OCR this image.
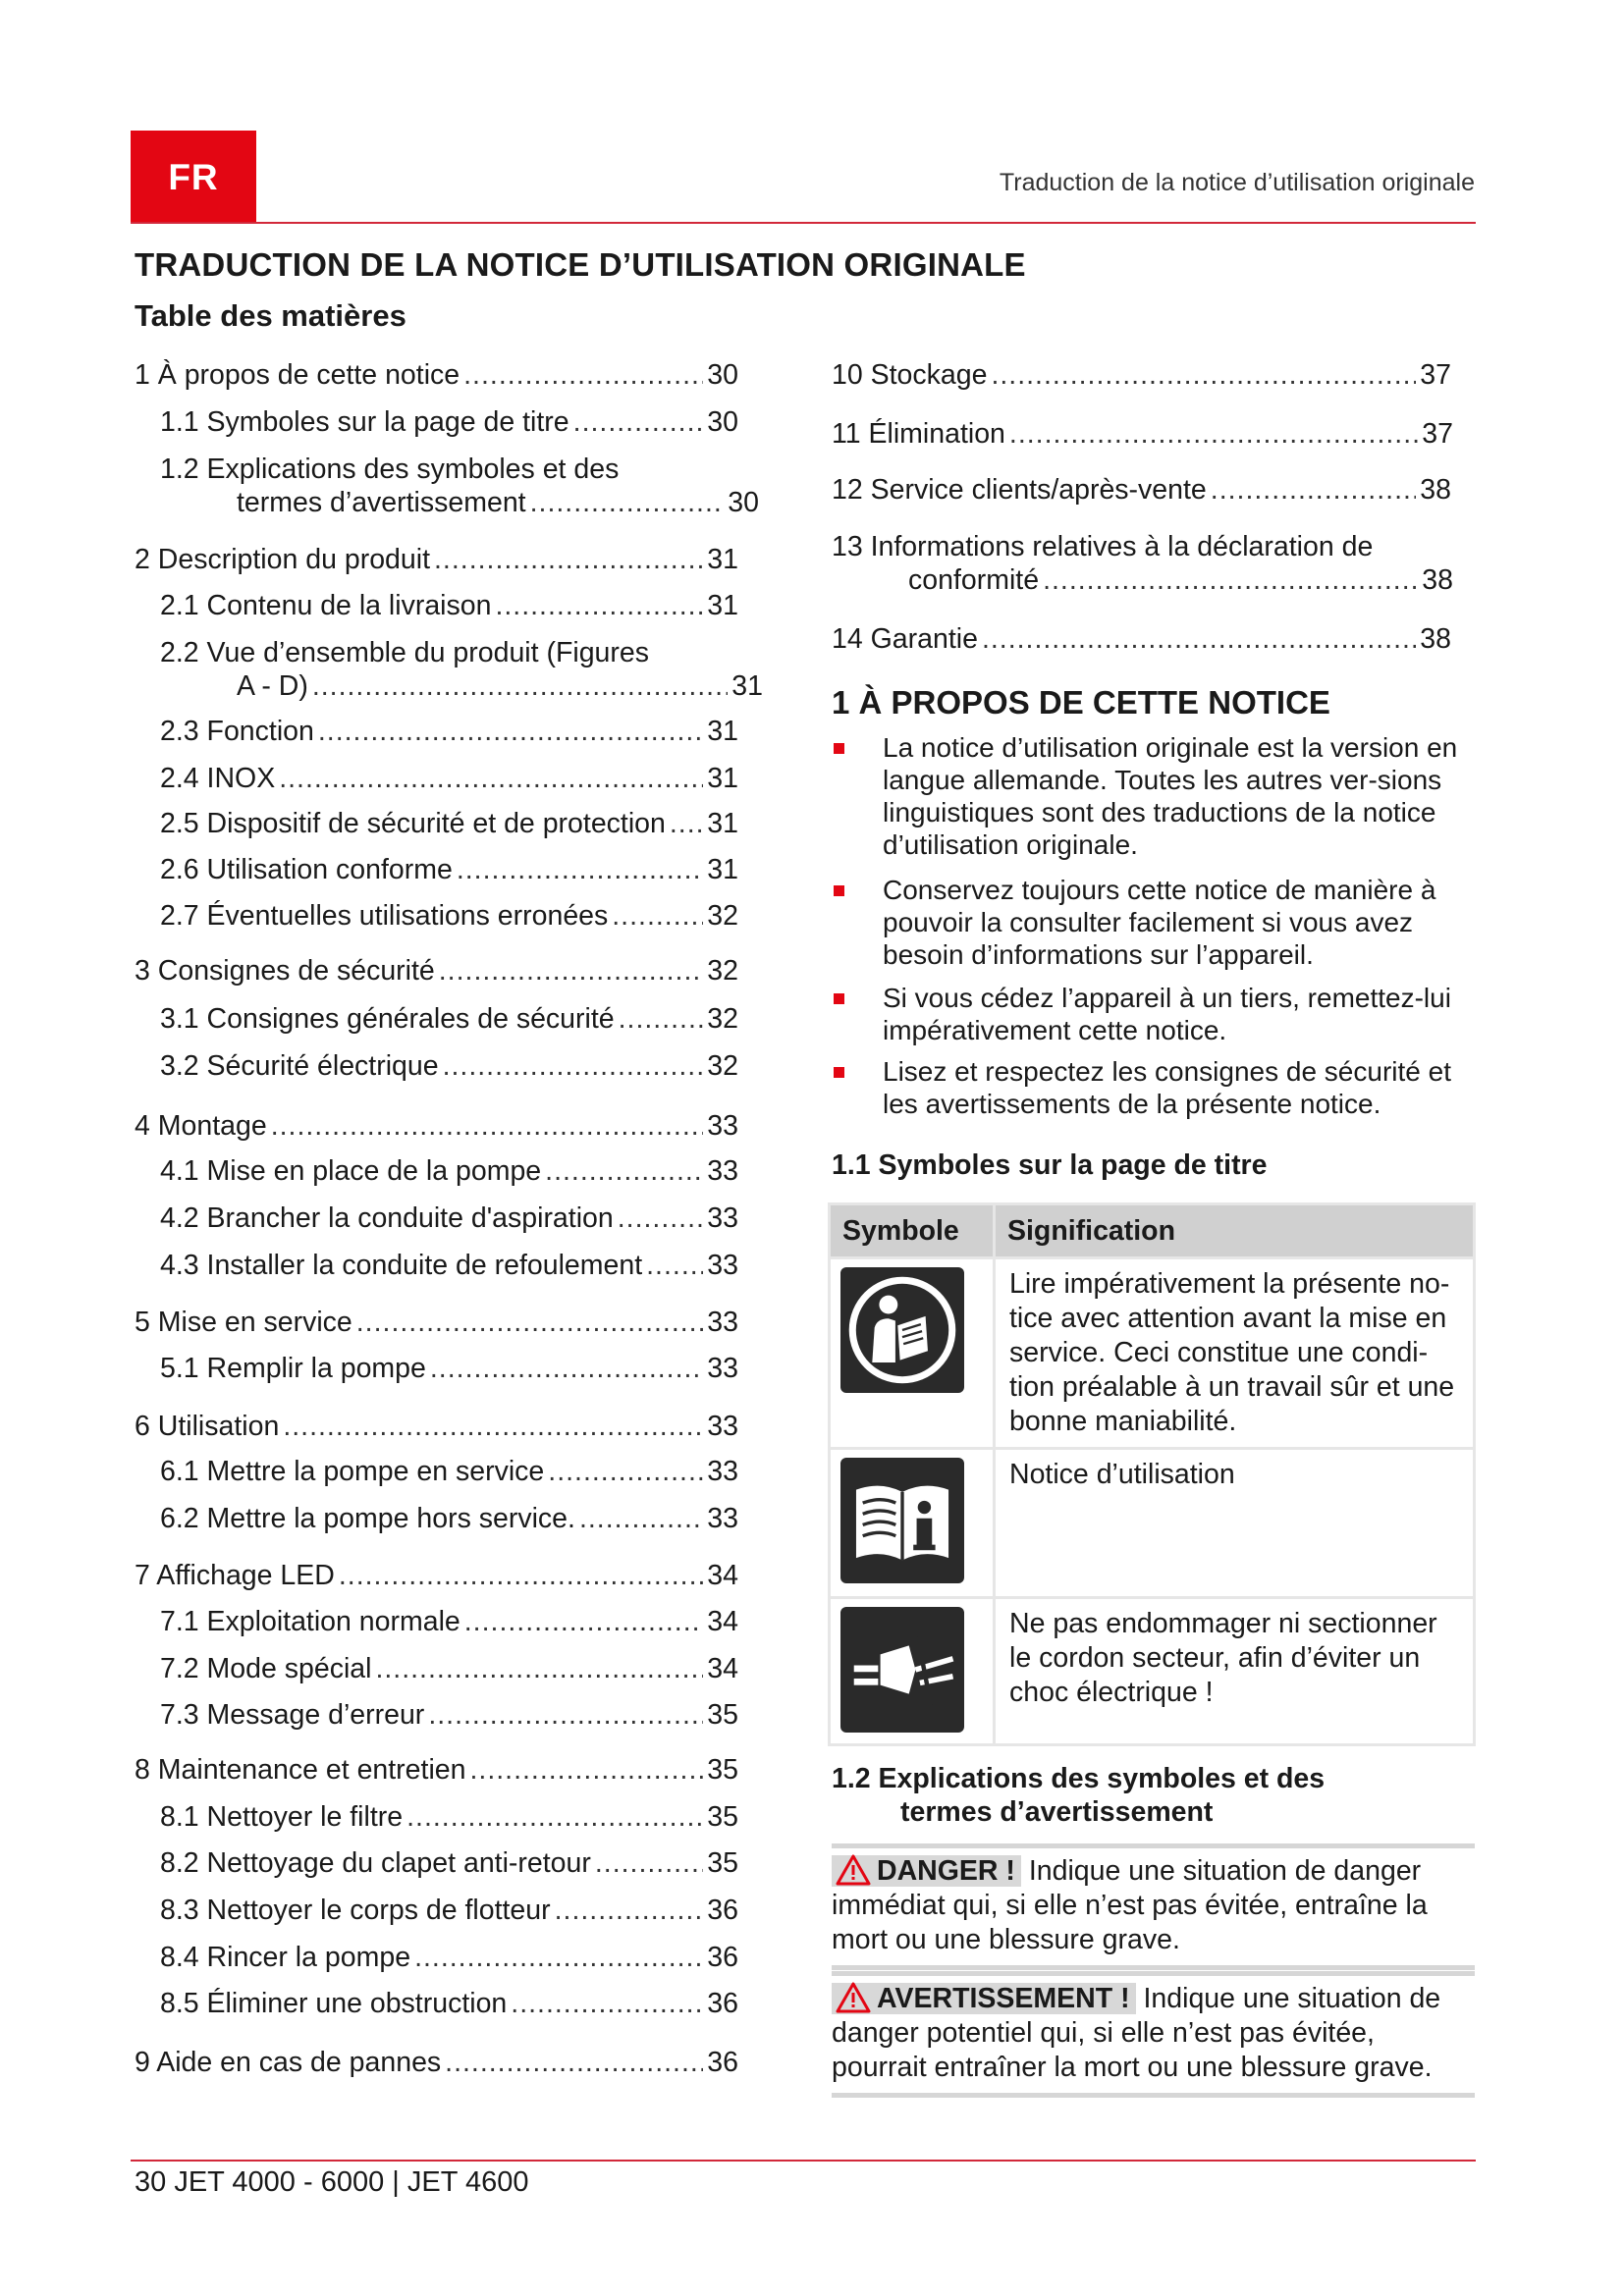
FR	Traduction de la notice d’utilisation originale
TRADUCTION DE LA NOTICE D’UTILISATION ORIGINALE
Table des matières
1 À propos de cette notice .....	30
1.1 Symboles sur la page de titre .....	30
1.2 Explications des symboles et des
termes d’avertissement .....	30
2 Description du produit .....	31
2.1 Contenu de la livraison .....	31
2.2 Vue d’ensemble du produit (Figures
A - D) .....	31
2.3 Fonction .....	31
2.4 INOX .....	31
2.5 Dispositif de sécurité et de protection ..... 31
2.6 Utilisation conforme .....	31
2.7 Éventuelles utilisations erronées .....	32
3 Consignes de sécurité .....	32
3.1 Consignes générales de sécurité .....	32
3.2 Sécurité électrique .....	32
4 Montage .....	33
4.1 Mise en place de la pompe .....	33
4.2 Brancher la conduite d'aspiration .....	33
4.3 Installer la conduite de refoulement ..... 33
5 Mise en service .....	33
5.1 Remplir la pompe .....	33
6 Utilisation .....	33
6.1 Mettre la pompe en service .....	33
6.2 Mettre la pompe hors service. .....	33
7 Affichage LED .....	34
7.1 Exploitation normale .....	34
7.2 Mode spécial .....	34
7.3 Message d’erreur .....	35
8 Maintenance et entretien .....	35
8.1 Nettoyer le filtre .....	35
8.2 Nettoyage du clapet anti-retour .....	35
8.3 Nettoyer le corps de flotteur .....	36
8.4 Rincer la pompe .....	36
8.5 Éliminer une obstruction .....	36
9 Aide en cas de pannes .....	36
10 Stockage .....	37
11 Élimination .....	37
12 Service clients/après-vente .....	38
13 Informations relatives à la déclaration de
conformité .....	38
14 Garantie .....	38
1 À PROPOS DE CETTE NOTICE
La notice d’utilisation originale est la version en langue allemande. Toutes les autres ver-sions linguistiques sont des traductions de la notice d’utilisation originale.
Conservez toujours cette notice de manière à pouvoir la consulter facilement si vous avez besoin d’informations sur l’appareil.
Si vous cédez l’appareil à un tiers, remettez-lui impérativement cette notice.
Lisez et respectez les consignes de sécurité et les avertissements de la présente notice.
1.1 Symboles sur la page de titre
Symbole	Signification

	Lire impérativement la présente no-tice avec attention avant la mise en service. Ceci constitue une condi-tion préalable à un travail sûr et une bonne maniabilité.

	Notice d’utilisation

	Ne pas endommager ni sectionner le cordon secteur, afin d’éviter un choc électrique !
1.2 Explications des symboles et des
termes d’avertissement
DANGER ! Indique une situation de danger immédiat qui, si elle n’est pas évitée, entraîne la mort ou une blessure grave.
AVERTISSEMENT ! Indique une situation de danger potentiel qui, si elle n’est pas évitée, pourrait entraîner la mort ou une blessure grave.
30 JET 4000 - 6000 | JET 4600
